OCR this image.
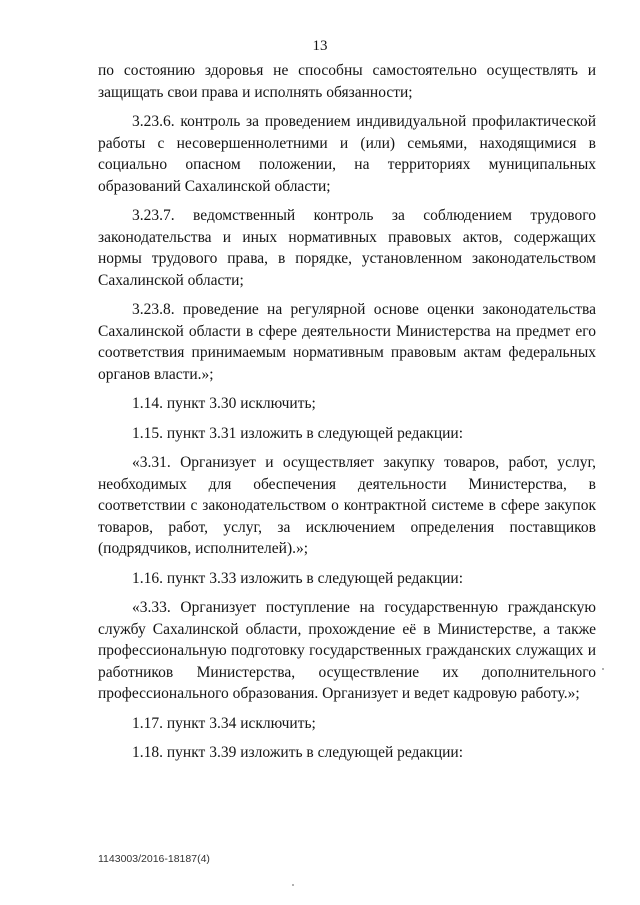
13

по состоянию здоровья не способны самостоятельно осуществлять и защищать свои права и исполнять обязанности;

3.23.6. контроль за проведением индивидуальной профилактической работы с несовершеннолетними и (или) семьями, находящимися в социально опасном положении, на территориях муниципальных образований Сахалинской области;

3.23.7. ведомственный контроль за соблюдением трудового законодательства и иных нормативных правовых актов, содержащих нормы трудового права, в порядке, установленном законодательством Сахалинской области;

3.23.8. проведение на регулярной основе оценки законодательства Сахалинской области в сфере деятельности Министерства на предмет его соответствия принимаемым нормативным правовым актам федеральных органов власти.»;

1.14. пункт 3.30 исключить;

1.15. пункт 3.31 изложить в следующей редакции:

«3.31. Организует и осуществляет закупку товаров, работ, услуг, необходимых для обеспечения деятельности Министерства, в соответствии с законодательством о контрактной системе в сфере закупок товаров, работ, услуг, за исключением определения поставщиков (подрядчиков, исполнителей).»;

1.16. пункт 3.33 изложить в следующей редакции:

«3.33. Организует поступление на государственную гражданскую службу Сахалинской области, прохождение её в Министерстве, а также профессиональную подготовку государственных гражданских служащих и работников Министерства, осуществление их дополнительного профессионального образования. Организует и ведет кадровую работу.»;

1.17. пункт 3.34 исключить;

1.18. пункт 3.39 изложить в следующей редакции:

1143003/2016-18187(4)
